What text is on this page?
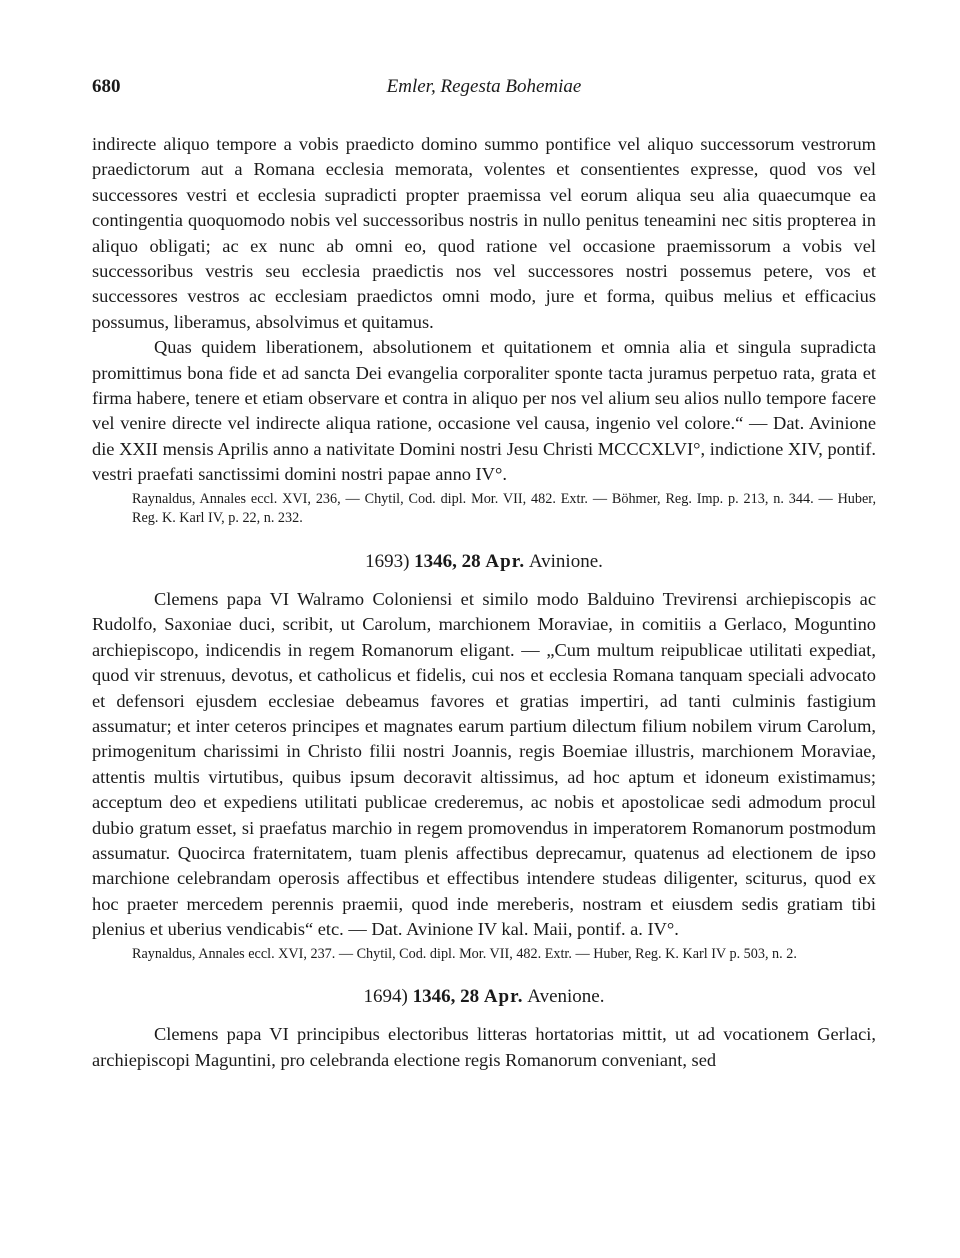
680	Emler, Regesta Bohemiae

indirecte aliquo tempore a vobis praedicto domino summo pontifice vel aliquo successorum vestrorum praedictorum aut a Romana ecclesia memorata, volentes et consentientes expresse, quod vos vel successores vestri et ecclesia supradicti propter praemissa vel eorum aliqua seu alia quaecumque ea contingentia quoquomodo nobis vel successoribus nostris in nullo penitus teneamini nec sitis propterea in aliquo obligati; ac ex nunc ab omni eo, quod ratione vel occasione praemissorum a vobis vel successoribus vestris seu ecclesia praedictis nos vel successores nostri possemus petere, vos et successores vestros ac ecclesiam praedictos omni modo, jure et forma, quibus melius et efficacius possumus, liberamus, absolvimus et quitamus.

Quas quidem liberationem, absolutionem et quitationem et omnia alia et singula supradicta promittimus bona fide et ad sancta Dei evangelia corporaliter sponte tacta juramus perpetuo rata, grata et firma habere, tenere et etiam observare et contra in aliquo per nos vel alium seu alios nullo tempore facere vel venire directe vel indirecte aliqua ratione, occasione vel causa, ingenio vel colore.“ — Dat. Avinione die XXII mensis Aprilis anno a nativitate Domini nostri Jesu Christi MCCCXLVI°, indictione XIV, pontif. vestri praefati sanctissimi domini nostri papae anno IV°.

Raynaldus, Annales eccl. XVI, 236, — Chytil, Cod. dipl. Mor. VII, 482. Extr. — Böhmer, Reg. Imp. p. 213, n. 344. — Huber, Reg. K. Karl IV, p. 22, n. 232.

1693) 1346, 28 Apr. Avinione.

Clemens papa VI Walramo Coloniensi et similo modo Balduino Trevirensi archiepiscopis ac Rudolfo, Saxoniae duci, scribit, ut Carolum, marchionem Moraviae, in comitiis a Gerlaco, Moguntino archiepiscopo, indicendis in regem Romanorum eligant. — „Cum multum reipublicae utilitati expediat, quod vir strenuus, devotus, et catholicus et fidelis, cui nos et ecclesia Romana tanquam speciali advocato et defensori ejusdem ecclesiae debeamus favores et gratias impertiri, ad tanti culminis fastigium assumatur; et inter ceteros principes et magnates earum partium dilectum filium nobilem virum Carolum, primogenitum charissimi in Christo filii nostri Joannis, regis Boemiae illustris, marchionem Moraviae, attentis multis virtutibus, quibus ipsum decoravit altissimus, ad hoc aptum et idoneum existimamus; acceptum deo et expediens utilitati publicae crederemus, ac nobis et apostolicae sedi admodum procul dubio gratum esset, si praefatus marchio in regem promovendus in imperatorem Romanorum postmodum assumatur. Quocirca fraternitatem, tuam plenis affectibus deprecamur, quatenus ad electionem de ipso marchione celebrandam operosis affectibus et effectibus intendere studeas diligenter, sciturus, quod ex hoc praeter mercedem perennis praemii, quod inde mereberis, nostram et eiusdem sedis gratiam tibi plenius et uberius vendicabis“ etc. — Dat. Avinione IV kal. Maii, pontif. a. IV°.

Raynaldus, Annales eccl. XVI, 237. — Chytil, Cod. dipl. Mor. VII, 482. Extr. — Huber, Reg. K. Karl IV p. 503, n. 2.

1694) 1346, 28 Apr. Avenione.

Clemens papa VI principibus electoribus litteras hortatorias mittit, ut ad vocationem Gerlaci, archiepiscopi Maguntini, pro celebranda electione regis Romanorum conveniant, sed
